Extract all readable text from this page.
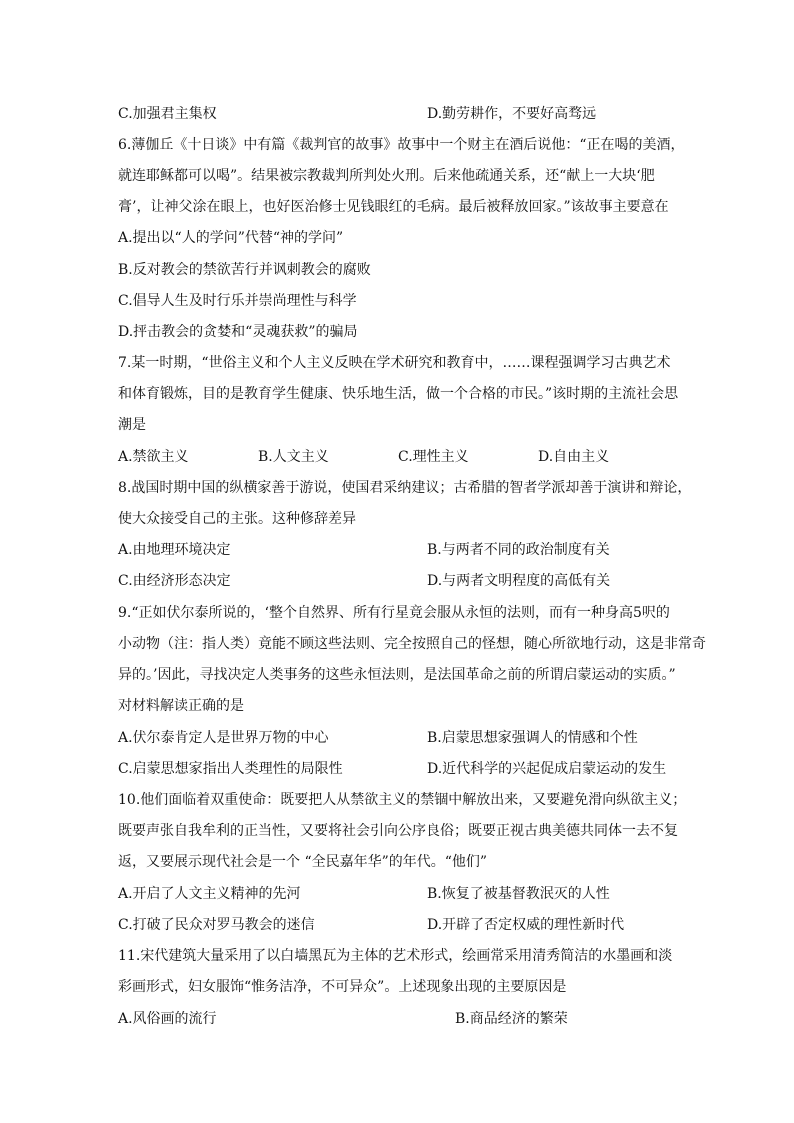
C.加强君主集权	D.勤劳耕作，不要好高骛远
6.薄伽丘《十日谈》中有篇《裁判官的故事》故事中一个财主在酒后说他：“正在喝的美酒，
就连耶稣都可以喝”。结果被宗教裁判所判处火刑。后来他疏通关系，还“献上一大块‘肥
膏’，让神父涂在眼上，也好医治修士见钱眼红的毛病。最后被释放回家。”该故事主要意在
A.提出以“人的学问”代替“神的学问”
B.反对教会的禁欲苦行并讽刺教会的腐败
C.倡导人生及时行乐并崇尚理性与科学
D.抨击教会的贪婪和“灵魂获救”的骗局
7.某一时期，“世俗主义和个人主义反映在学术研究和教育中，……课程强调学习古典艺术
和体育锻炼，目的是教育学生健康、快乐地生活，做一个合格的市民。”该时期的主流社会思
潮是
A.禁欲主义	B.人文主义	C.理性主义	D.自由主义
8.战国时期中国的纵横家善于游说，使国君采纳建议；古希腊的智者学派却善于演讲和辩论，
使大众接受自己的主张。这种修辞差异
A.由地理环境决定	B.与两者不同的政治制度有关
C.由经济形态决定	D.与两者文明程度的高低有关
9.“正如伏尔泰所说的，‘整个自然界、所有行星竟会服从永恒的法则，而有一种身高5呎的
小动物（注：指人类）竟能不顾这些法则、完全按照自己的怪想，随心所欲地行动，这是非常奇
异的。’因此，寻找决定人类事务的这些永恒法则，是法国革命之前的所谓启蒙运动的实质。”
对材料解读正确的是
A.伏尔泰肯定人是世界万物的中心	B.启蒙思想家强调人的情感和个性
C.启蒙思想家指出人类理性的局限性	D.近代科学的兴起促成启蒙运动的发生
10.他们面临着双重使命：既要把人从禁欲主义的禁锢中解放出来，又要避免滑向纵欲主义；
既要声张自我牟利的正当性，又要将社会引向公序良俗；既要正视古典美德共同体一去不复
返，又要展示现代社会是一个 “全民嘉年华”的年代。“他们”
A.开启了人文主义精神的先河	B.恢复了被基督教泯灭的人性
C.打破了民众对罗马教会的迷信	D.开辟了否定权威的理性新时代
11.宋代建筑大量采用了以白墙黑瓦为主体的艺术形式，绘画常采用清秀简洁的水墨画和淡
彩画形式，妇女服饰“惟务洁净，不可异众”。上述现象出现的主要原因是
A.风俗画的流行	B.商品经济的繁荣
